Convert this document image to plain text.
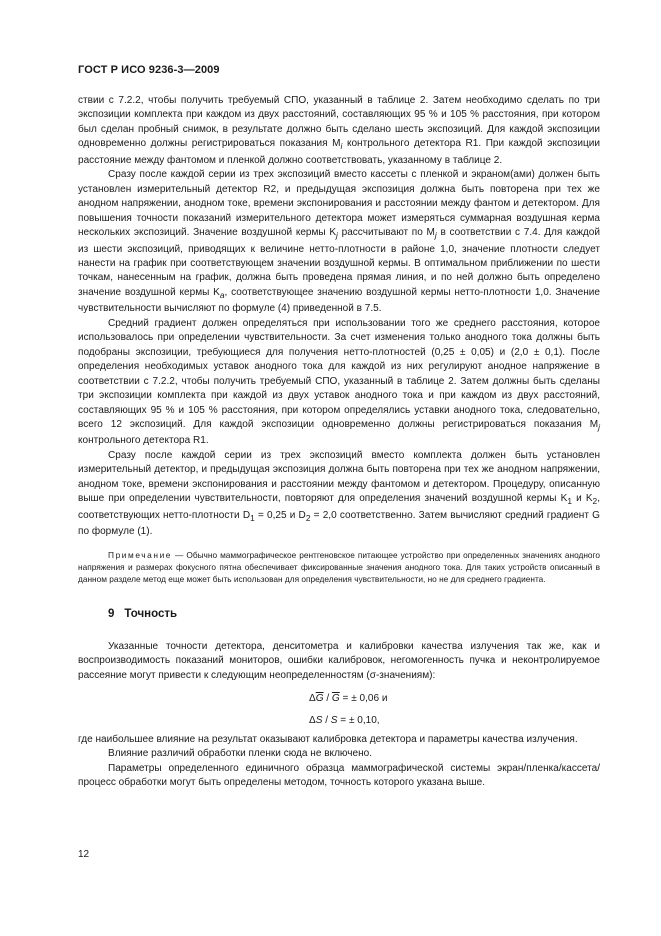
ГОСТ Р ИСО 9236-3—2009

ствии с 7.2.2, чтобы получить требуемый СПО, указанный в таблице 2. Затем необходимо сделать по три экспозиции комплекта при каждом из двух расстояний, составляющих 95 % и 105 % расстояния, при котором был сделан пробный снимок, в результате должно быть сделано шесть экспозиций. Для каждой экспозиции одновременно должны регистрироваться показания $M_i$ контрольного детектора R1. При каждой экспозиции расстояние между фантомом и пленкой должно соответствовать, указанному в таблице 2.

Сразу после каждой серии из трех экспозиций вместо кассеты с пленкой и экраном(ами) должен быть установлен измерительный детектор R2, и предыдущая экспозиция должна быть повторена при тех же анодном напряжении, анодном токе, времени экспонирования и расстоянии между фантом и детектором. Для повышения точности показаний измерительного детектора может измеряться суммарная воздушная керма нескольких экспозиций. Значение воздушной кермы $K_j$ рассчитывают по $M_j$ в соответствии с 7.4. Для каждой из шести экспозиций, приводящих к величине нетто-плотности в районе 1,0, значение плотности следует нанести на график при соответствующем значении воздушной кермы. В оптимальном приближении по шести точкам, нанесенным на график, должна быть проведена прямая линия, и по ней должно быть определено значение воздушной кермы $K_a$, соответствующее значению воздушной кермы нетто-плотности 1,0. Значение чувствительности вычисляют по формуле (4) приведенной в 7.5.

Средний градиент должен определяться при использовании того же среднего расстояния, которое использовалось при определении чувствительности. За счет изменения только анодного тока должны быть подобраны экспозиции, требующиеся для получения нетто-плотностей (0,25 ± 0,05) и (2,0 ± 0,1). После определения необходимых уставок анодного тока для каждой из них регулируют анодное напряжение в соответствии с 7.2.2, чтобы получить требуемый СПО, указанный в таблице 2. Затем должны быть сделаны три экспозиции комплекта при каждой из двух уставок анодного тока и при каждом из двух расстояний, составляющих 95 % и 105 % расстояния, при котором определялись уставки анодного тока, следовательно, всего 12 экспозиций. Для каждой экспозиции одновременно должны регистрироваться показания $M_j$ контрольного детектора R1.

Сразу после каждой серии из трех экспозиций вместо комплекта должен быть установлен измерительный детектор, и предыдущая экспозиция должна быть повторена при тех же анодном напряжении, анодном токе, времени экспонирования и расстоянии между фантомом и детектором. Процедуру, описанную выше при определении чувствительности, повторяют для определения значений воздушной кермы $K_1$ и $K_2$, соответствующих нетто-плотности $D_1 = 0,25$ и $D_2 = 2,0$ соответственно. Затем вычисляют средний градиент G по формуле (1).

Примечание — Обычно маммографическое рентгеновское питающее устройство при определенных значениях анодного напряжения и размерах фокусного пятна обеспечивает фиксированные значения анодного тока. Для таких устройств описанный в данном разделе метод еще может быть использован для определения чувствительности, но не для среднего градиента.

9 Точность

Указанные точности детектора, денситометра и калибровки качества излучения так же, как и воспроизводимость показаний мониторов, ошибки калибровок, негомогенность пучка и неконтролируемое рассеяние могут привести к следующим неопределенностям (σ-значениям):

$\Delta\overline{G} / \overline{G}$ = ± 0,06 и

ΔS / S = ± 0,10,

где наибольшее влияние на результат оказывают калибровка детектора и параметры качества излучения.

Влияние различий обработки пленки сюда не включено.

Параметры определенного единичного образца маммографической системы экран/пленка/кассета/процесс обработки могут быть определены методом, точность которого указана выше.

12
